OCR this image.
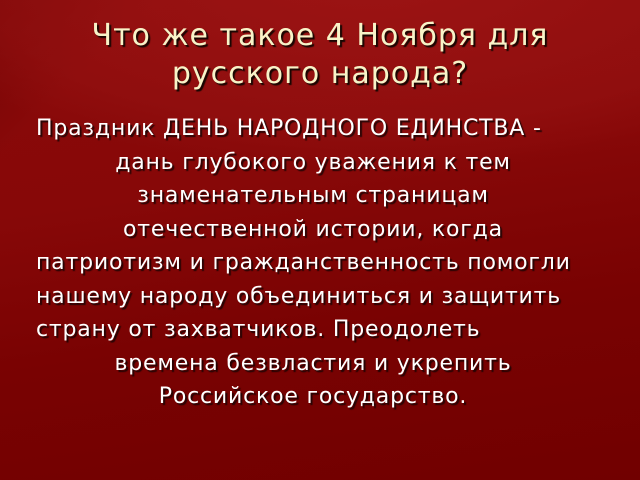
Что же такое 4 Ноября для
русского народа?
Праздник ДЕНЬ НАРОДНОГО ЕДИНСТВА -
дань глубокого уважения к тем
знаменательным страницам
отечественной истории, когда
патриотизм и гражданственность помогли
нашему народу объединиться и защитить
страну от захватчиков. Преодолеть
времена безвластия и укрепить
Российское государство.
